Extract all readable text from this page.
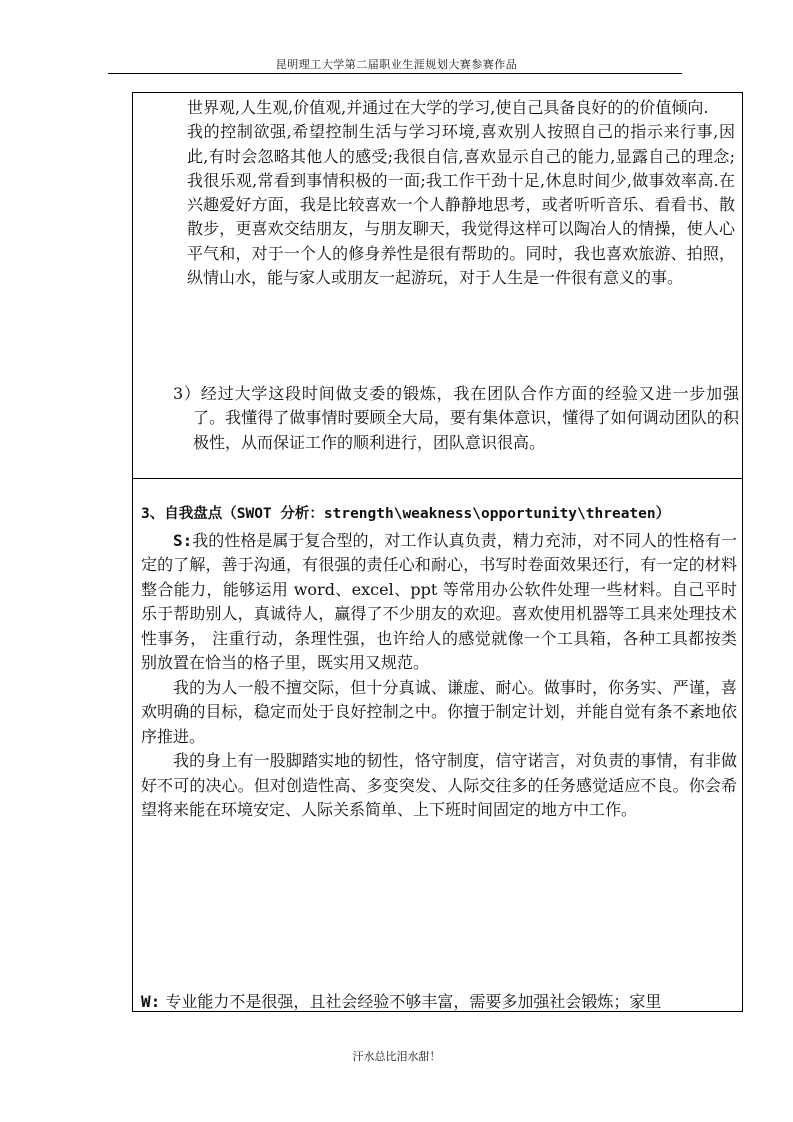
昆明理工大学第二届职业生涯规划大赛参赛作品

世界观,人生观,价值观,并通过在大学的学习,使自己具备良好的的价值倾向.

我的控制欲强,希望控制生活与学习环境,喜欢别人按照自己的指示来行事,因此,有时会忽略其他人的感受;我很自信,喜欢显示自己的能力,显露自己的理念;我很乐观,常看到事情积极的一面;我工作干劲十足,休息时间少,做事效率高.在兴趣爱好方面，我是比较喜欢一个人静静地思考，或者听听音乐、看看书、散散步，更喜欢交结朋友，与朋友聊天，我觉得这样可以陶冶人的情操，使人心平气和，对于一个人的修身养性是很有帮助的。同时，我也喜欢旅游、拍照，纵情山水，能与家人或朋友一起游玩，对于人生是一件很有意义的事。

3）经过大学这段时间做支委的锻炼，我在团队合作方面的经验又进一步加强了。我懂得了做事情时要顾全大局，要有集体意识，懂得了如何调动团队的积极性，从而保证工作的顺利进行，团队意识很高。

3、自我盘点（SWOT 分析：strength\weakness\opportunity\threaten）

S:我的性格是属于复合型的，对工作认真负责，精力充沛，对不同人的性格有一定的了解，善于沟通，有很强的责任心和耐心，书写时卷面效果还行，有一定的材料整合能力，能够运用 word、excel、ppt 等常用办公软件处理一些材料。自己平时乐于帮助别人，真诚待人，赢得了不少朋友的欢迎。喜欢使用机器等工具来处理技术性事务， 注重行动，条理性强，也许给人的感觉就像一个工具箱，各种工具都按类别放置在恰当的格子里，既实用又规范。

我的为人一般不擅交际，但十分真诚、谦虚、耐心。做事时，你务实、严谨，喜欢明确的目标，稳定而处于良好控制之中。你擅于制定计划，并能自觉有条不紊地依序推进。

我的身上有一股脚踏实地的韧性，恪守制度，信守诺言，对负责的事情，有非做好不可的决心。但对创造性高、多变突发、人际交往多的任务感觉适应不良。你会希望将来能在环境安定、人际关系简单、上下班时间固定的地方中工作。

W: 专业能力不是很强，且社会经验不够丰富，需要多加强社会锻炼；家里
汗水总比泪水甜！
